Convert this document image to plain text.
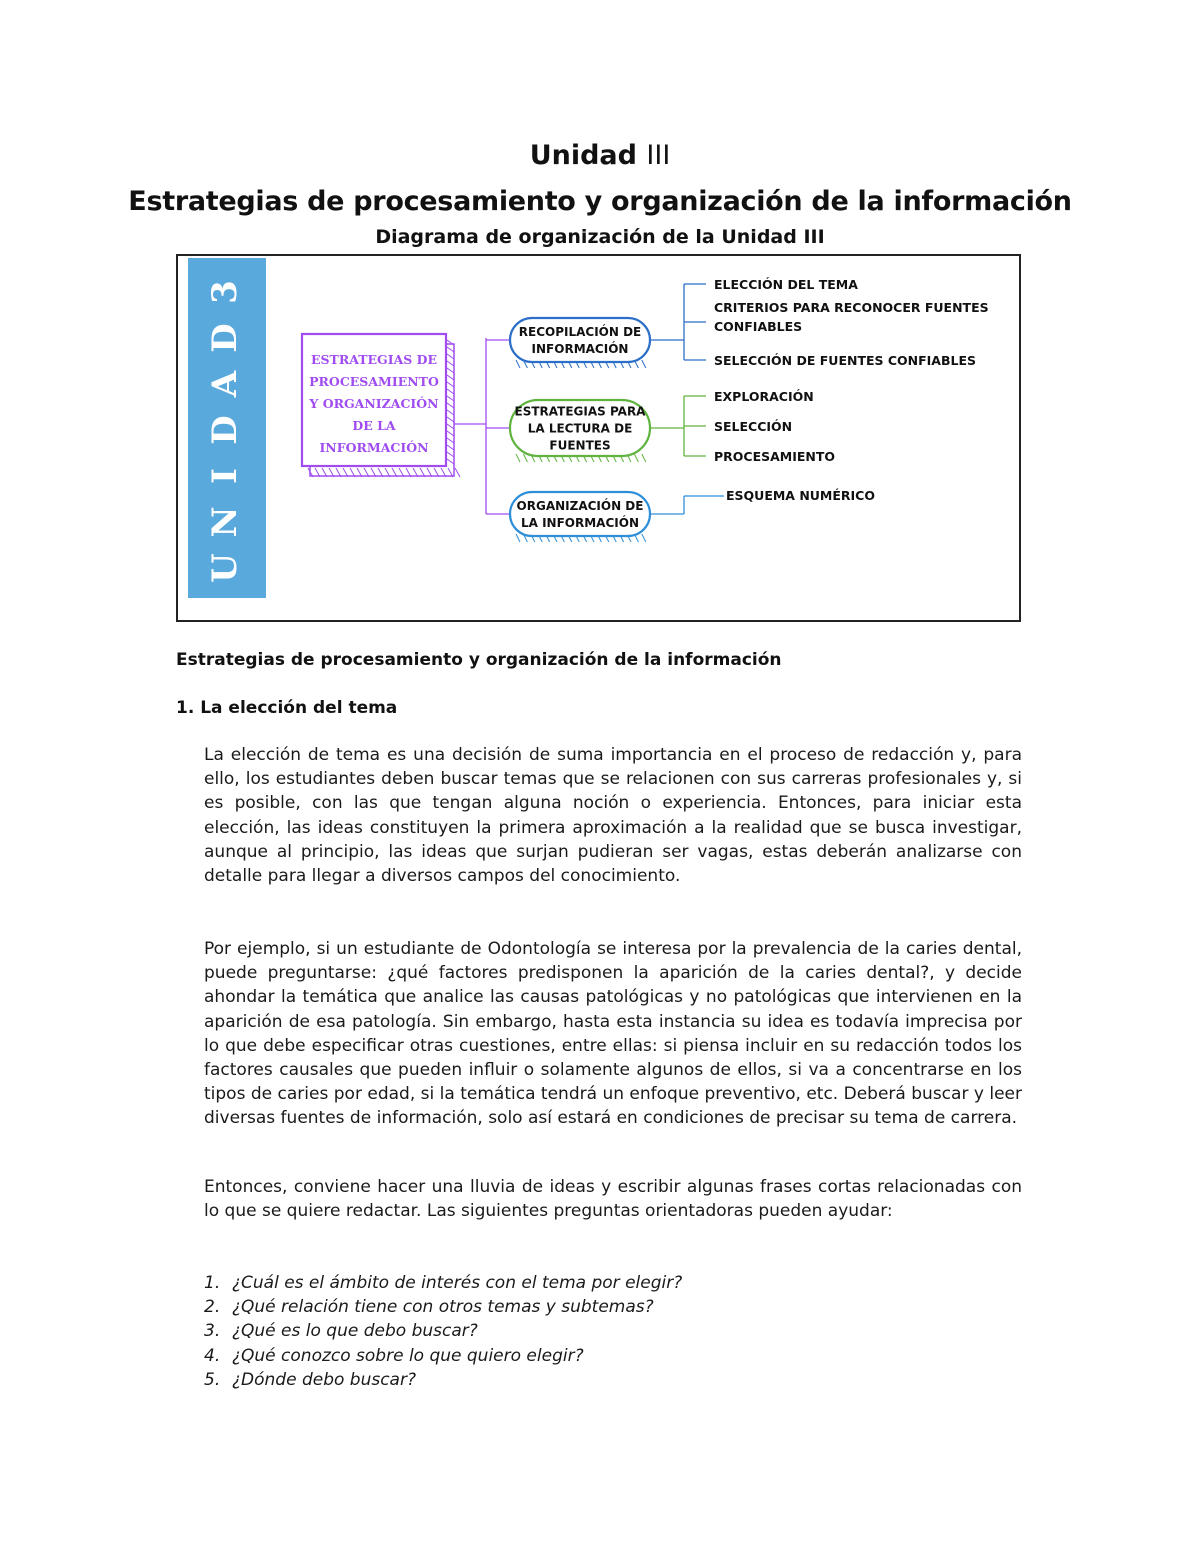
Unidad III
Estrategias de procesamiento y organización de la información
Diagrama de organización de la Unidad III
U
N
I
D
A
D
3
ESTRATEGIAS DE
PROCESAMIENTO
Y ORGANIZACIÓN
DE LA
INFORMACIÓN
RECOPILACIÓN DE
INFORMACIÓN
ELECCIÓN DEL TEMA
CRITERIOS PARA RECONOCER FUENTES
CONFIABLES
SELECCIÓN DE FUENTES CONFIABLES
ESTRATEGIAS PARA
LA LECTURA DE
FUENTES
EXPLORACIÓN
SELECCIÓN
PROCESAMIENTO
ORGANIZACIÓN DE
LA INFORMACIÓN
ESQUEMA NUMÉRICO
Estrategias de procesamiento y organización de la información
1. La elección del tema

La elección de tema es una decisión de suma importancia en el proceso de redacción y, para ello, los estudiantes deben buscar temas que se relacionen con sus carreras profesionales y, si es posible, con las que tengan alguna noción o experiencia. Entonces, para iniciar esta elección, las ideas constituyen la primera aproximación a la realidad que se busca investigar, aunque al principio, las ideas que surjan pudieran ser vagas, estas deberán analizarse con detalle para llegar a diversos campos del conocimiento.

Por ejemplo, si un estudiante de Odontología se interesa por la prevalencia de la caries dental, puede preguntarse: ¿qué factores predisponen la aparición de la caries dental?, y decide ahondar la temática que analice las causas patológicas y no patológicas que intervienen en la aparición de esa patología. Sin embargo, hasta esta instancia su idea es todavía imprecisa por lo que debe especificar otras cuestiones, entre ellas: si piensa incluir en su redacción todos los factores causales que pueden influir o solamente algunos de ellos, si va a concentrarse en los tipos de caries por edad, si la temática tendrá un enfoque preventivo, etc. Deberá buscar y leer diversas fuentes de información, solo así estará en condiciones de precisar su tema de carrera.

Entonces, conviene hacer una lluvia de ideas y escribir algunas frases cortas relacionadas con lo que se quiere redactar. Las siguientes preguntas orientadoras pueden ayudar:

1. ¿Cuál es el ámbito de interés con el tema por elegir?
2. ¿Qué relación tiene con otros temas y subtemas?
3. ¿Qué es lo que debo buscar?
4. ¿Qué conozco sobre lo que quiero elegir?
5. ¿Dónde debo buscar?
